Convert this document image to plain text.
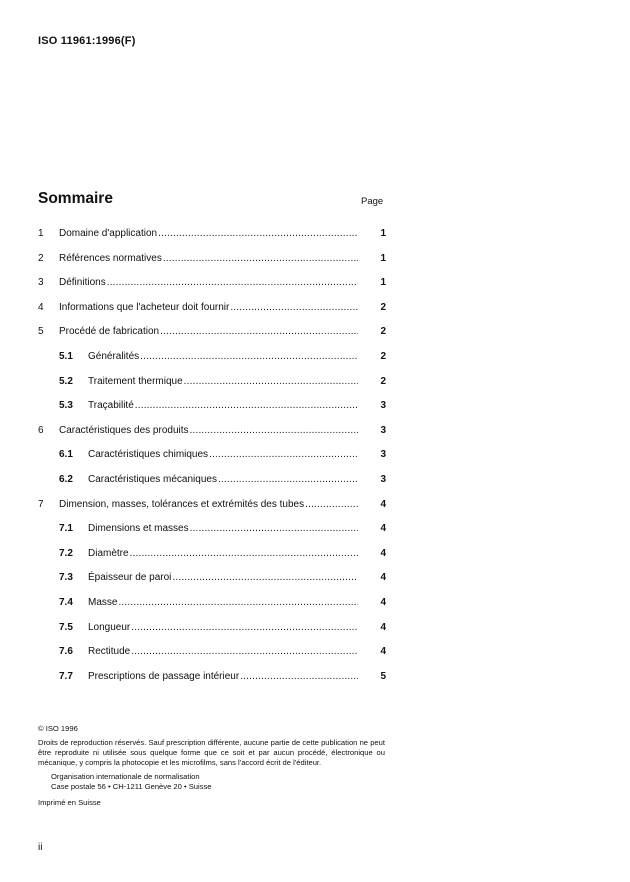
ISO 11961:1996(F)
Sommaire	Page
1	Domaine d'application .....	1
2	Références normatives .....	1
3	Définitions .....	1
4	Informations que l'acheteur doit fournir .....	2
5	Procédé de fabrication .....	2
5.1	Généralités .....	2
5.2	Traitement thermique .....	2
5.3	Traçabilité .....	3
6	Caractéristiques des produits .....	3
6.1	Caractéristiques chimiques .....	3
6.2	Caractéristiques mécaniques .....	3
7	Dimension, masses, tolérances et extrémités des tubes .....	4
7.1	Dimensions et masses .....	4
7.2	Diamètre .....	4
7.3	Épaisseur de paroi .....	4
7.4	Masse .....	4
7.5	Longueur .....	4
7.6	Rectitude .....	4
7.7	Prescriptions de passage intérieur .....	5
© ISO 1996
Droits de reproduction réservés. Sauf prescription différente, aucune partie de cette publication ne peut être reproduite ni utilisée sous quelque forme que ce soit et par aucun procédé, électronique ou mécanique, y compris la photocopie et les microfilms, sans l'accord écrit de l'éditeur.
Organisation internationale de normalisation
Case postale 56 • CH-1211 Genève 20 • Suisse
Imprimé en Suisse
ii
